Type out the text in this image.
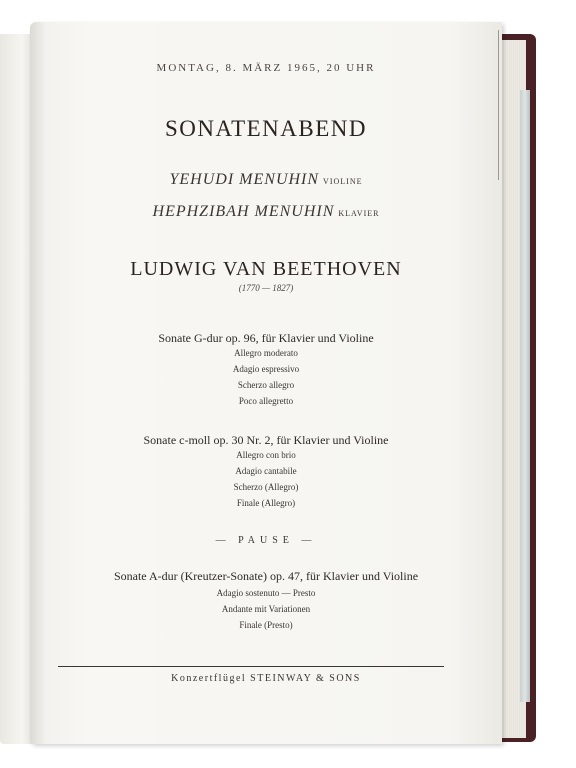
MONTAG, 8. MÄRZ 1965, 20 UHR
SONATENABEND
YEHUDI MENUHIN VIOLINE
HEPHZIBAH MENUHIN KLAVIER
LUDWIG VAN BEETHOVEN
(1770 — 1827)
Sonate G-dur op. 96, für Klavier und Violine
Allegro moderato
Adagio espressivo
Scherzo allegro
Poco allegretto
Sonate c-moll op. 30 Nr. 2, für Klavier und Violine
Allegro con brio
Adagio cantabile
Scherzo (Allegro)
Finale (Allegro)
— PAUSE —
Sonate A-dur (Kreutzer-Sonate) op. 47, für Klavier und Violine
Adagio sostenuto — Presto
Andante mit Variationen
Finale (Presto)
Konzertflügel STEINWAY & SONS
